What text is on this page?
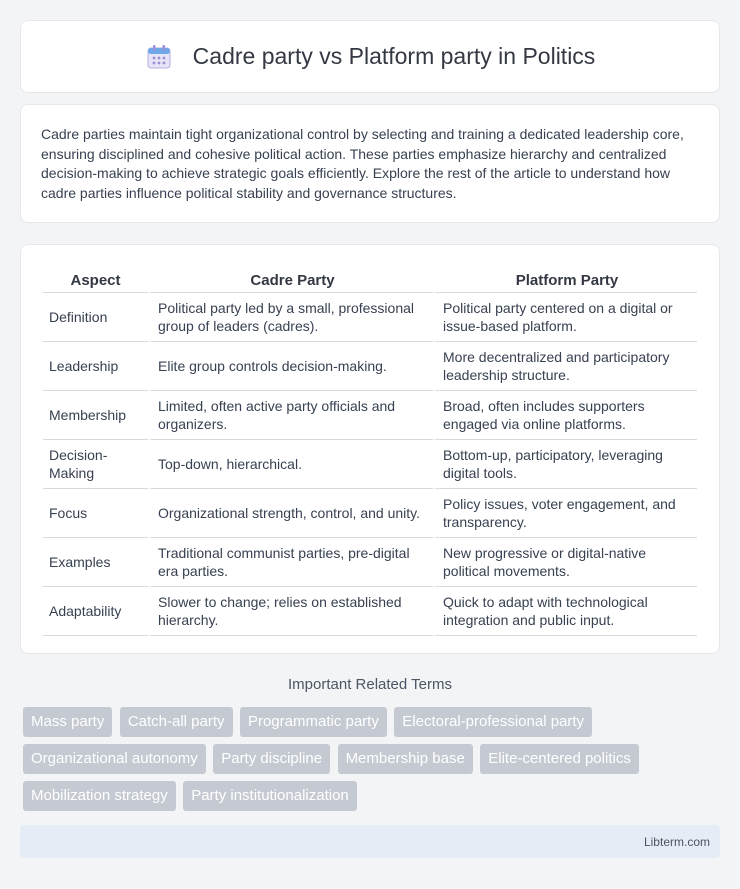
Cadre party vs Platform party in Politics

Cadre parties maintain tight organizational control by selecting and training a dedicated leadership core, ensuring disciplined and cohesive political action. These parties emphasize hierarchy and centralized decision-making to achieve strategic goals efficiently. Explore the rest of the article to understand how cadre parties influence political stability and governance structures.

Aspect	Cadre Party	Platform Party
Definition	Political party led by a small, professional group of leaders (cadres).	Political party centered on a digital or issue-based platform.
Leadership	Elite group controls decision-making.	More decentralized and participatory leadership structure.
Membership	Limited, often active party officials and organizers.	Broad, often includes supporters engaged via online platforms.
Decision-Making	Top-down, hierarchical.	Bottom-up, participatory, leveraging digital tools.
Focus	Organizational strength, control, and unity.	Policy issues, voter engagement, and transparency.
Examples	Traditional communist parties, pre-digital era parties.	New progressive or digital-native political movements.
Adaptability	Slower to change; relies on established hierarchy.	Quick to adapt with technological integration and public input.
Important Related Terms
Mass party Catch-all party Programmatic party Electoral-professional party Organizational autonomy Party discipline Membership base Elite-centered politics Mobilization strategy Party institutionalization
Libterm.com
